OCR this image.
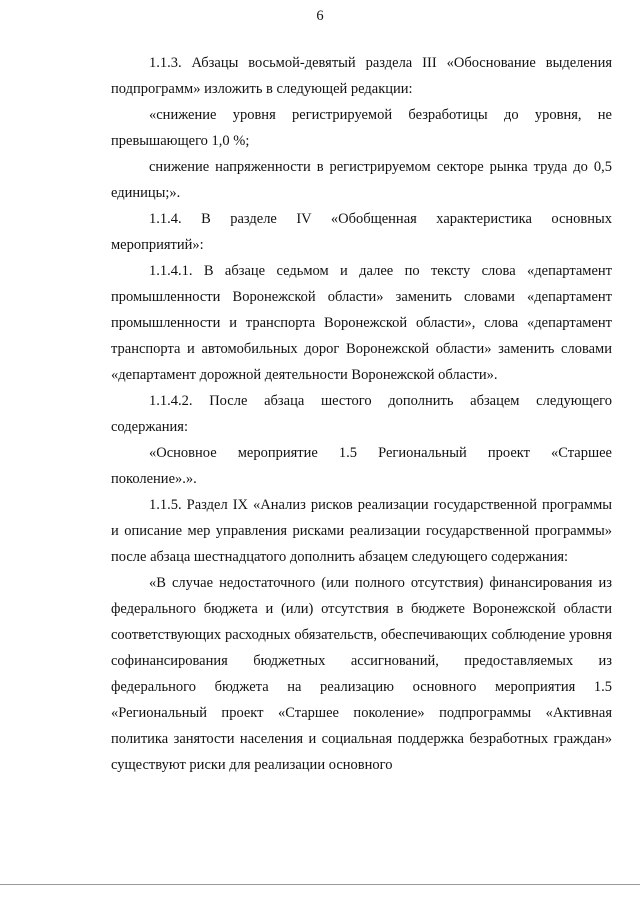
6

1.1.3. Абзацы восьмой-девятый раздела III «Обоснование выделения подпрограмм» изложить в следующей редакции:

«снижение уровня регистрируемой безработицы до уровня, не превышающего 1,0 %;

снижение напряженности в регистрируемом секторе рынка труда до 0,5 единицы;».

1.1.4. В разделе IV «Обобщенная характеристика основных мероприятий»:

1.1.4.1. В абзаце седьмом и далее по тексту слова «департамент промышленности Воронежской области» заменить словами «департамент промышленности и транспорта Воронежской области», слова «департамент транспорта и автомобильных дорог Воронежской области» заменить словами «департамент дорожной деятельности Воронежской области».

1.1.4.2. После абзаца шестого дополнить абзацем следующего содержания:

«Основное мероприятие 1.5 Региональный проект «Старшее поколение».».

1.1.5. Раздел IX «Анализ рисков реализации государственной программы и описание мер управления рисками реализации государственной программы» после абзаца шестнадцатого дополнить абзацем следующего содержания:

«В случае недостаточного (или полного отсутствия) финансирования из федерального бюджета и (или) отсутствия в бюджете Воронежской области соответствующих расходных обязательств, обеспечивающих соблюдение уровня софинансирования бюджетных ассигнований, предоставляемых из федерального бюджета на реализацию основного мероприятия 1.5 «Региональный проект «Старшее поколение» подпрограммы «Активная политика занятости населения и социальная поддержка безработных граждан» существуют риски для реализации основного
